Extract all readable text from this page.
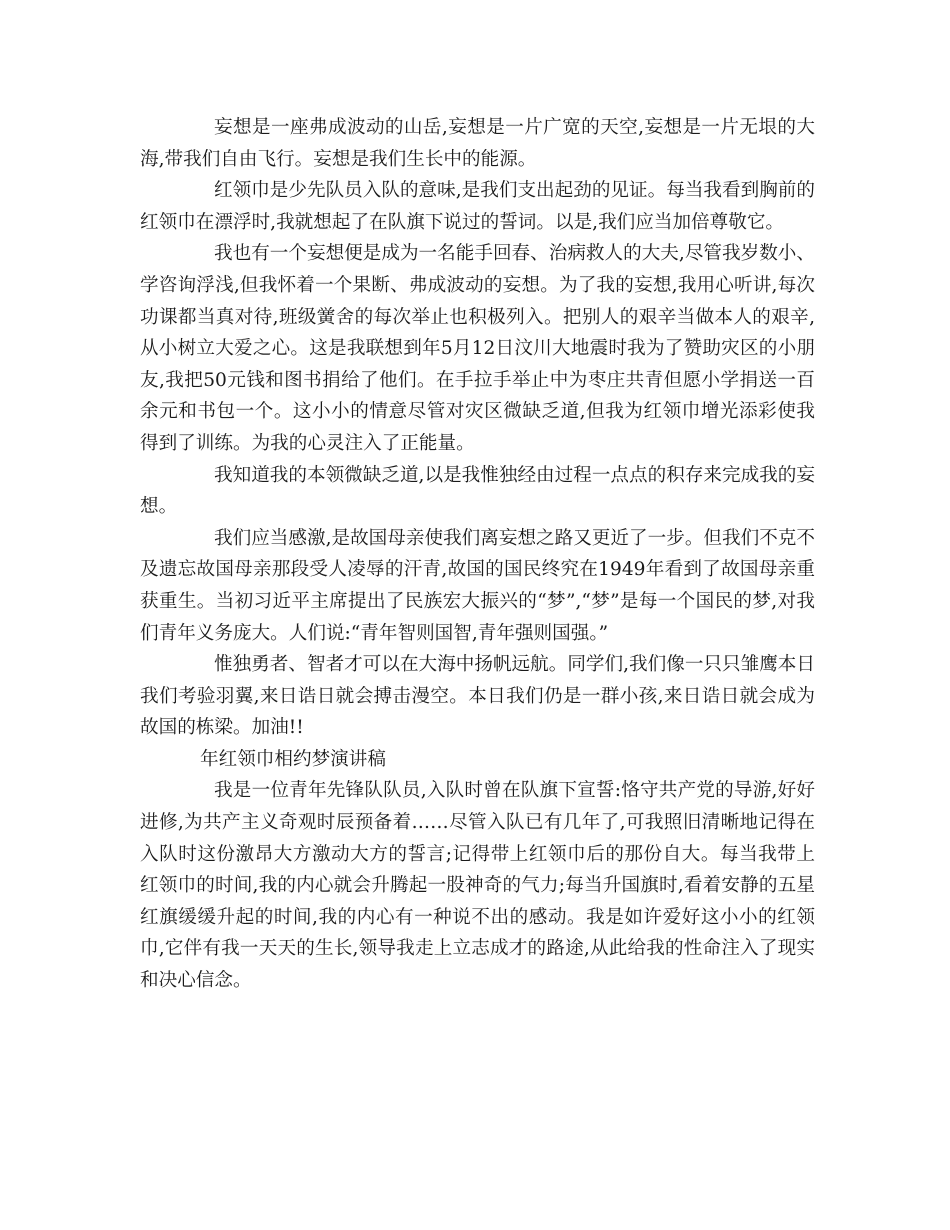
妄想是一座弗成波动的山岳,妄想是一片广宽的天空,妄想是一片无垠的大海,带我们自由飞行。妄想是我们生长中的能源。

红领巾是少先队员入队的意味,是我们支出起劲的见证。每当我看到胸前的红领巾在漂浮时,我就想起了在队旗下说过的誓词。以是,我们应当加倍尊敬它。

我也有一个妄想便是成为一名能手回春、治病救人的大夫,尽管我岁数小、学咨询浮浅,但我怀着一个果断、弗成波动的妄想。为了我的妄想,我用心听讲,每次功课都当真对待,班级黉舍的每次举止也积极列入。把别人的艰辛当做本人的艰辛,从小树立大爱之心。这是我联想到年5月12日汶川大地震时我为了赞助灾区的小朋友,我把50元钱和图书捐给了他们。在手拉手举止中为枣庄共青但愿小学捐送一百余元和书包一个。这小小的情意尽管对灾区微缺乏道,但我为红领巾增光添彩使我得到了训练。为我的心灵注入了正能量。

我知道我的本领微缺乏道,以是我惟独经由过程一点点的积存来完成我的妄想。

我们应当感激,是故国母亲使我们离妄想之路又更近了一步。但我们不克不及遗忘故国母亲那段受人凌辱的汗青,故国的国民终究在1949年看到了故国母亲重获重生。当初习近平主席提出了民族宏大振兴的“梦”,“梦”是每一个国民的梦,对我们青年义务庞大。人们说:“青年智则国智,青年强则国强。”

惟独勇者、智者才可以在大海中扬帆远航。同学们,我们像一只只雏鹰本日我们考验羽翼,来日诰日就会搏击漫空。本日我们仍是一群小孩,来日诰日就会成为故国的栋梁。加油!!

年红领巾相约梦演讲稿

我是一位青年先锋队队员,入队时曾在队旗下宣誓:恪守共产党的导游,好好进修,为共产主义奇观时辰预备着……尽管入队已有几年了,可我照旧清晰地记得在入队时这份激昂大方激动大方的誓言;记得带上红领巾后的那份自大。每当我带上红领巾的时间,我的内心就会升腾起一股神奇的气力;每当升国旗时,看着安静的五星红旗缓缓升起的时间,我的内心有一种说不出的感动。我是如许爱好这小小的红领巾,它伴有我一天天的生长,领导我走上立志成才的路途,从此给我的性命注入了现实和决心信念。
